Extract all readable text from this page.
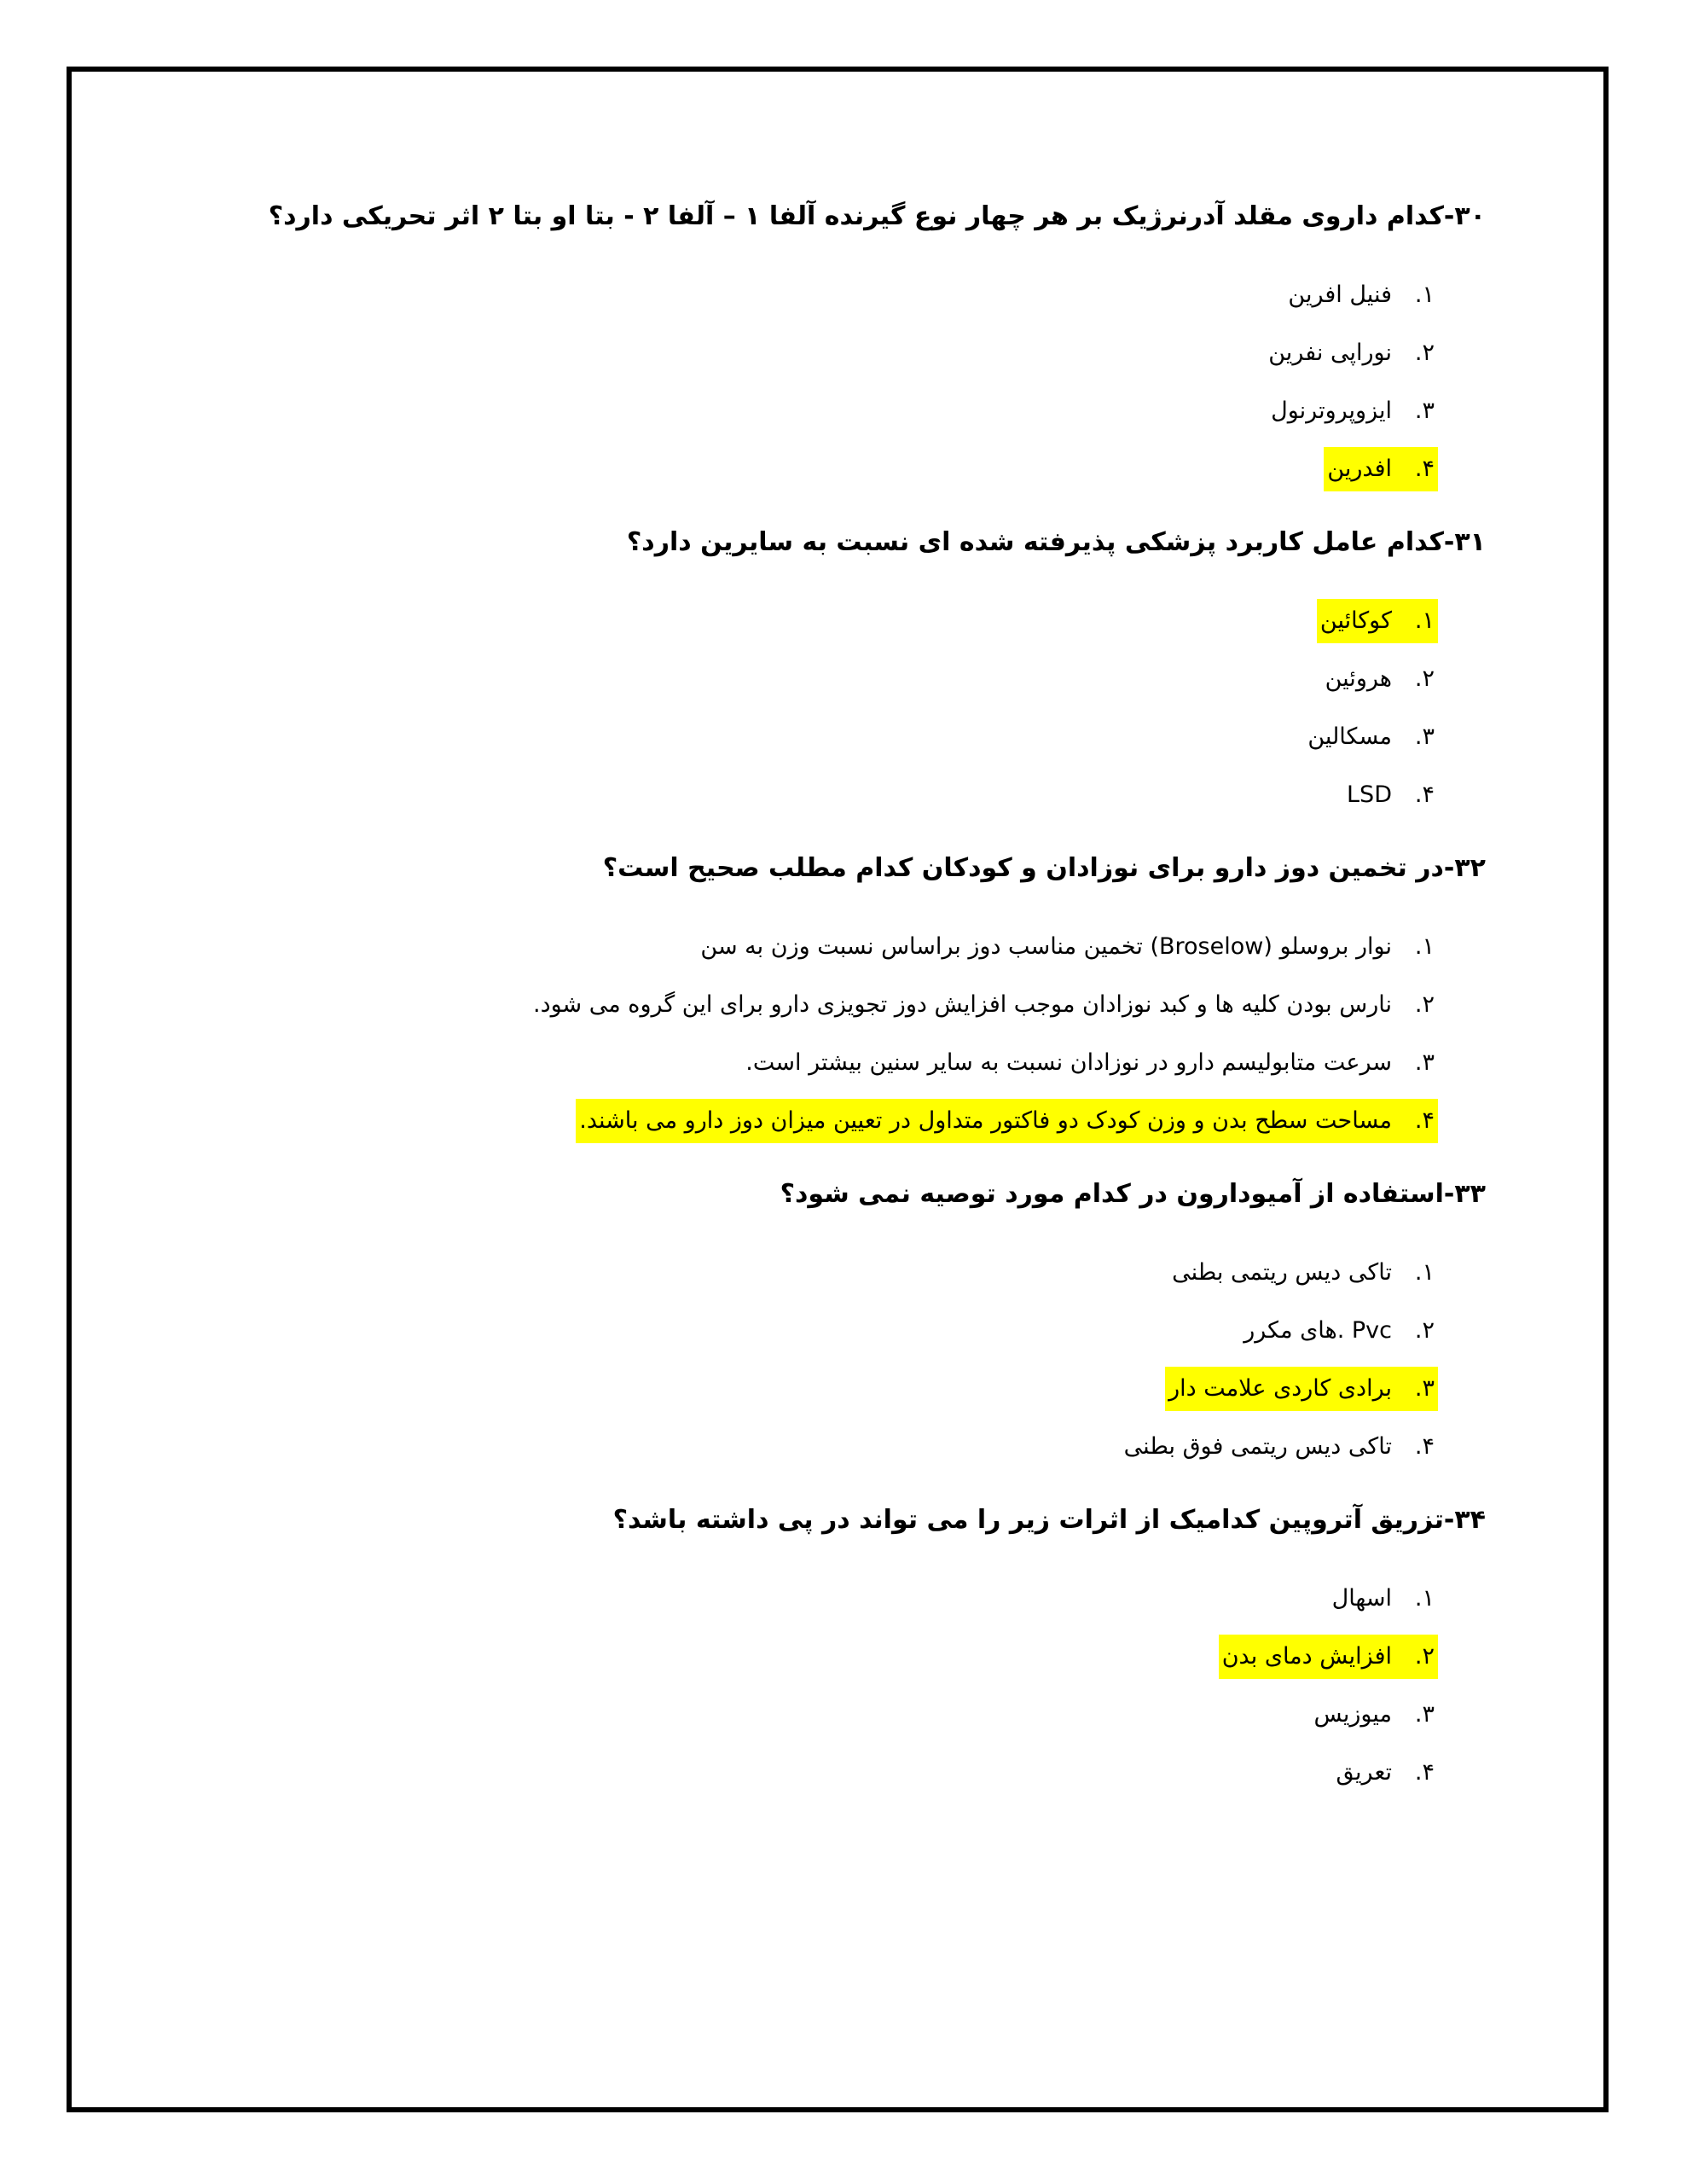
۳۰-کدام داروی مقلد آدرنرژیک بر هر چهار نوع گیرنده آلفا ۱ – آلفا ۲ - بتا او بتا ۲ اثر تحریکی دارد؟
۱.فنیل افرین
۲.نوراپی نفرین
۳.ایزوپروترنول
۴.افدرین
۳۱-کدام عامل کاربرد پزشکی پذیرفته شده ای نسبت به سایرین دارد؟
۱.کوکائین
۲.هروئین
۳.مسکالین
۴.LSD
۳۲-در تخمین دوز دارو برای نوزادان و کودکان کدام مطلب صحیح است؟
۱.نوار بروسلو (Broselow) تخمین مناسب دوز براساس نسبت وزن به سن
۲.نارس بودن کلیه ها و کبد نوزادان موجب افزایش دوز تجویزی دارو برای این گروه می شود.
۳.سرعت متابولیسم دارو در نوزادان نسبت به سایر سنین بیشتر است.
۴.مساحت سطح بدن و وزن کودک دو فاکتور متداول در تعیین میزان دوز دارو می باشند.
۳۳-استفاده از آمیودارون در کدام مورد توصیه نمی شود؟
۱.تاکی دیس ریتمی بطنی
۲.Pvc .های مکرر
۳.برادی کاردی علامت دار
۴.تاکی دیس ریتمی فوق بطنی
۳۴-تزریق آتروپین کدامیک از اثرات زیر را می تواند در پی داشته باشد؟
۱.اسهال
۲.افزایش دمای بدن
۳.میوزیس
۴.تعریق
